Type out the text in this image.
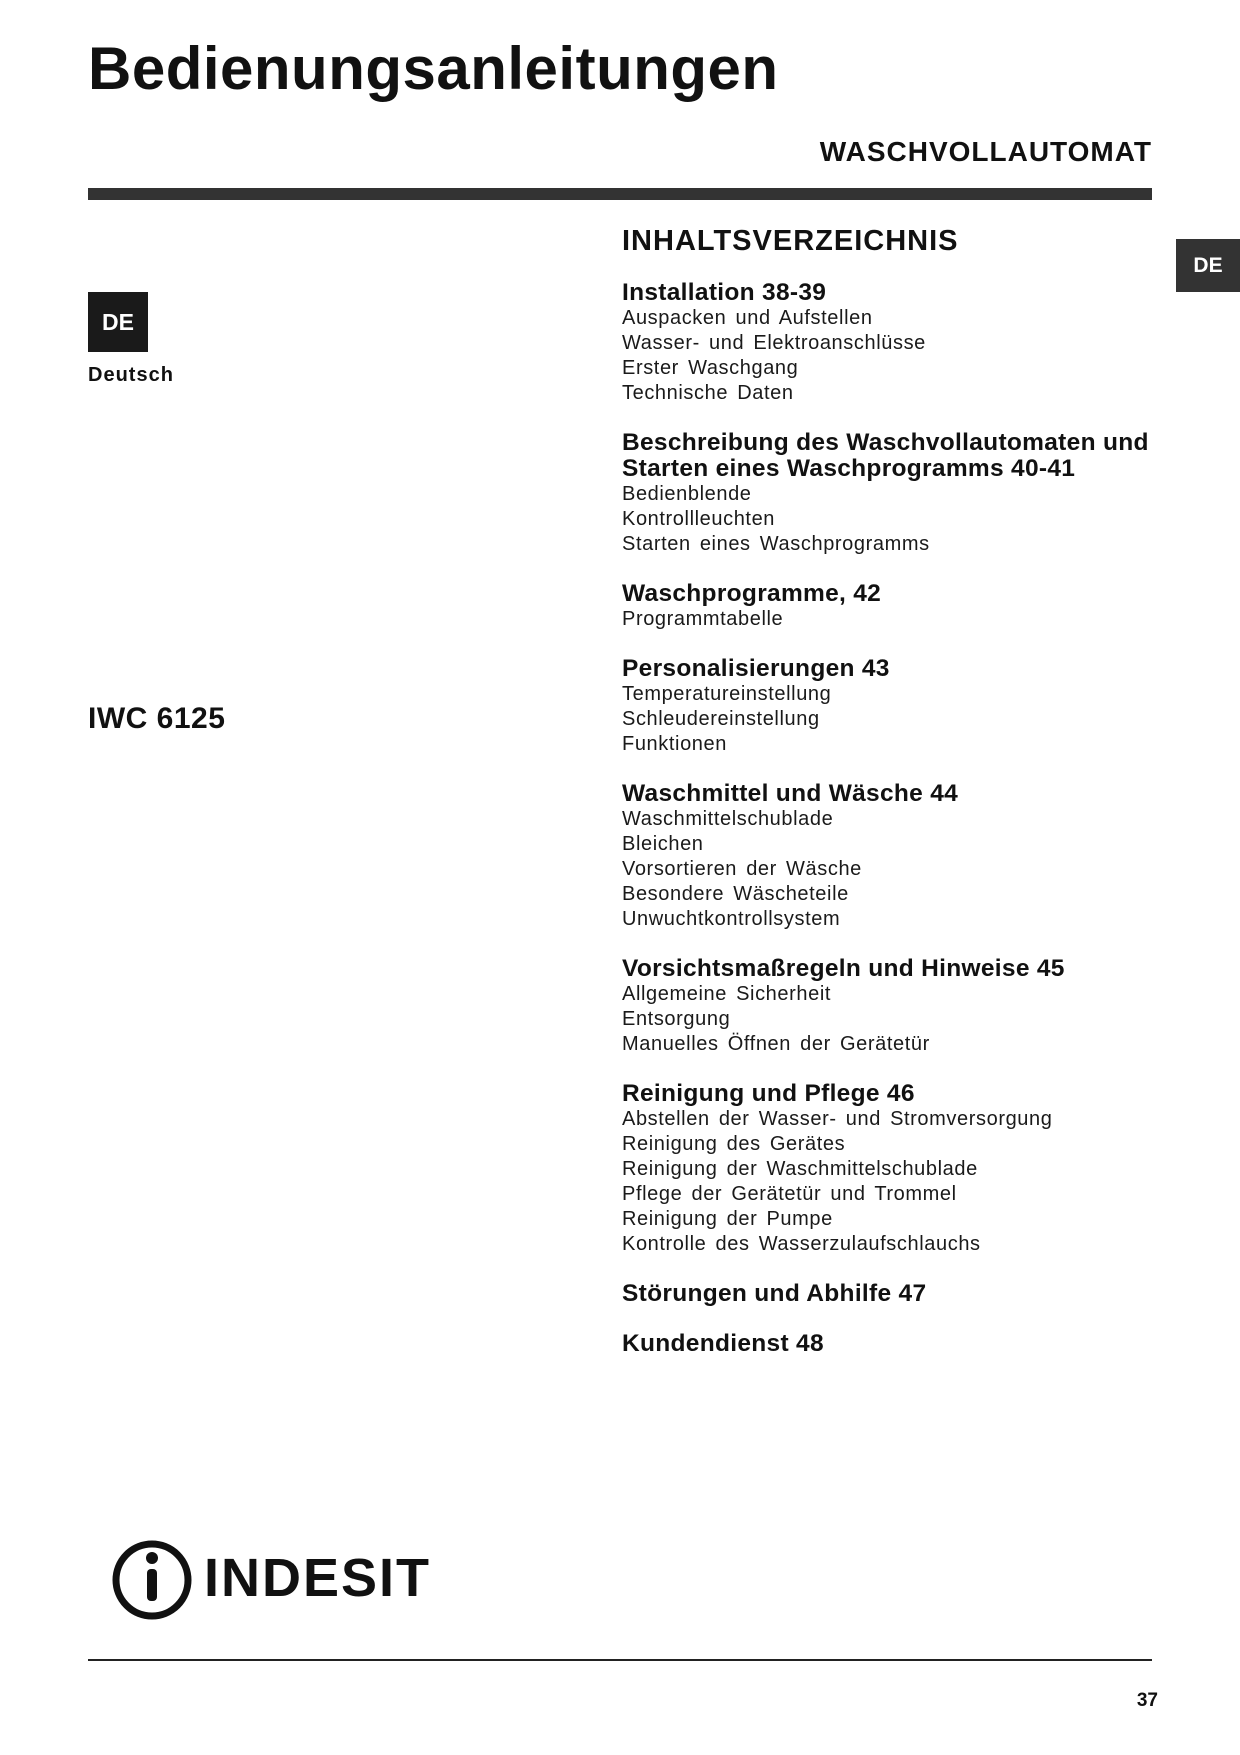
Bedienungsanleitungen
WASCHVOLLAUTOMAT
DE
DE
Deutsch
IWC 6125
INHALTSVERZEICHNIS
Installation 38-39
Auspacken und Aufstellen
Wasser- und Elektroanschlüsse
Erster Waschgang
Technische Daten
Beschreibung des Waschvollautomaten und Starten eines Waschprogramms 40-41
Bedienblende
Kontrollleuchten
Starten eines Waschprogramms
Waschprogramme, 42
Programmtabelle
Personalisierungen 43
Temperatureinstellung
Schleudereinstellung
Funktionen
Waschmittel und Wäsche 44
Waschmittelschublade
Bleichen
Vorsortieren der Wäsche
Besondere Wäscheteile
Unwuchtkontrollsystem
Vorsichtsmaßregeln und Hinweise 45
Allgemeine Sicherheit
Entsorgung
Manuelles Öffnen der Gerätetür
Reinigung und Pflege 46
Abstellen der Wasser- und Stromversorgung
Reinigung des Gerätes
Reinigung der Waschmittelschublade
Pflege der Gerätetür und Trommel
Reinigung der Pumpe
Kontrolle des Wasserzulaufschlauchs
Störungen und Abhilfe 47
Kundendienst 48
INDESIT
37
